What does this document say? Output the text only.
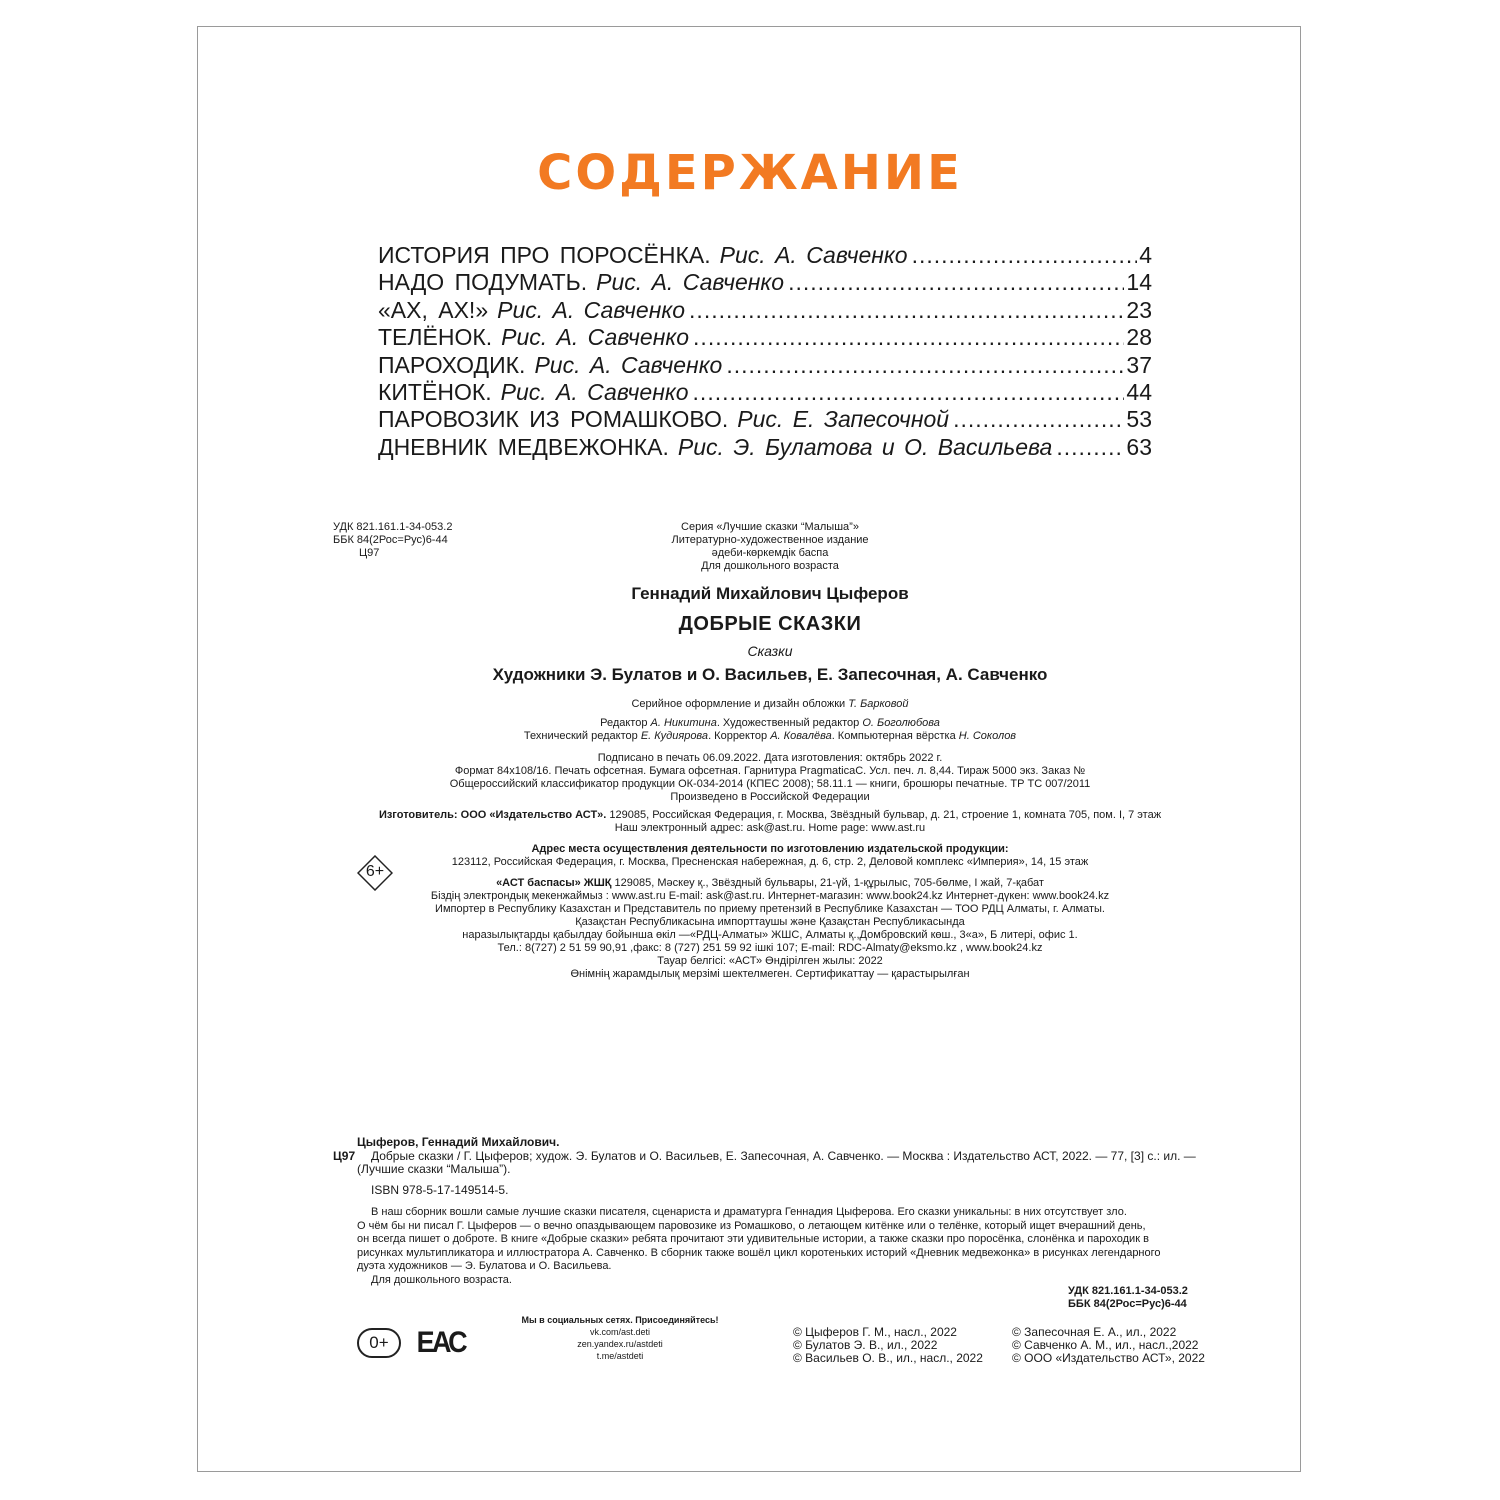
СОДЕРЖАНИЕ
ИСТОРИЯ ПРО ПОРОСЁНКА. Рис. А. Савченко .....	4
НАДО ПОДУМАТЬ. Рис. А. Савченко .....	14
«АХ, АХ!» Рис. А. Савченко .....	23
ТЕЛЁНОК. Рис. А. Савченко .....	28
ПАРОХОДИК. Рис. А. Савченко .....	37
КИТЁНОК. Рис. А. Савченко .....	44
ПАРОВОЗИК ИЗ РОМАШКОВО. Рис. Е. Запесочной .....	53
ДНЕВНИК МЕДВЕЖОНКА. Рис. Э. Булатова и О. Васильева .....	63
УДК 821.161.1-34-053.2
ББК 84(2Рос=Рус)6-44
Ц97
Серия «Лучшие сказки “Малыша”»
Литературно-художественное издание
әдеби-көркемдік баспа
Для дошкольного возраста
Геннадий Михайлович Цыферов
ДОБРЫЕ СКАЗКИ
Сказки
Художники Э. Булатов и О. Васильев, Е. Запесочная, А. Савченко
Серийное оформление и дизайн обложки Т. Барковой
Редактор А. Никитина. Художественный редактор О. Боголюбова
Технический редактор Е. Кудиярова. Корректор А. Ковалёва. Компьютерная вёрстка Н. Соколов
Подписано в печать 06.09.2022. Дата изготовления: октябрь 2022 г.
Формат 84x108/16. Печать офсетная. Бумага офсетная. Гарнитура PragmaticaC. Усл. печ. л. 8,44. Тираж 5000 экз. Заказ №
Общероссийский классификатор продукции ОК-034-2014 (КПЕС 2008); 58.11.1 — книги, брошюры печатные. ТР ТС 007/2011
Произведено в Российской Федерации
Изготовитель: ООО «Издательство АСТ». 129085, Российская Федерация, г. Москва, Звёздный бульвар, д. 21, строение 1, комната 705, пом. I, 7 этаж
Наш электронный адрес: ask@ast.ru. Home page: www.ast.ru
Адрес места осуществления деятельности по изготовлению издательской продукции:
123112, Российская Федерация, г. Москва, Пресненская набережная, д. 6, стр. 2, Деловой комплекс «Империя», 14, 15 этаж
6+
«АСТ баспасы» ЖШҚ 129085, Мәскеу қ., Звёздный бульвары, 21-үй, 1-құрылыс, 705-бөлме, I жай, 7-қабат
Біздің электрондық мекенжаймыз : www.ast.ru E-mail: ask@ast.ru. Интернет-магазин: www.book24.kz Интернет-дүкен: www.book24.kz
Импортер в Республику Казахстан и Представитель по приему претензий в Республике Казахстан — ТОО РДЦ Алматы, г. Алматы.
Қазақстан Республикасына импорттаушы және Қазақстан Республикасында
наразылықтарды қабылдау бойынша өкіл —«РДЦ-Алматы» ЖШС, Алматы қ.,Домбровский көш., 3«а», Б литері, офис 1.
Тел.: 8(727) 2 51 59 90,91 ,факс: 8 (727) 251 59 92 ішкі 107; E-mail: RDC-Almaty@eksmo.kz , www.book24.kz
Тауар белгісі: «АСТ» Өндірілген жылы: 2022
Өнімнің жарамдылық мерзімі шектелмеген. Сертификаттау — қарастырылған
Цыферов, Геннадий Михайлович.
Ц97 Добрые сказки / Г. Цыферов; худож. Э. Булатов и О. Васильев, Е. Запесочная, А. Савченко. — Москва : Издательство АСТ, 2022. — 77, [3] с.: ил. —
(Лучшие сказки “Малыша”).
ISBN 978-5-17-149514-5.
В наш сборник вошли самые лучшие сказки писателя, сценариста и драматурга Геннадия Цыферова. Его сказки уникальны: в них отсутствует зло.
О чём бы ни писал Г. Цыферов — о вечно опаздывающем паровозике из Ромашково, о летающем китёнке или о телёнке, который ищет вчерашний день,
он всегда пишет о доброте. В книге «Добрые сказки» ребята прочитают эти удивительные истории, а также сказки про поросёнка, слонёнка и пароходик в
рисунках мультипликатора и иллюстратора А. Савченко. В сборник также вошёл цикл коротеньких историй «Дневник медвежонка» в рисунках легендарного
дуэта художников — Э. Булатова и О. Васильева.
Для дошкольного возраста.
УДК 821.161.1-34-053.2
ББК 84(2Рос=Рус)6-44
Мы в социальных сетях. Присоединяйтесь!
vk.com/ast.deti
zen.yandex.ru/astdeti
t.me/astdeti
0+ ЕАС	© Цыферов Г. М., насл., 2022
© Булатов Э. В., ил., 2022
© Васильев О. В., ил., насл., 2022
© Запесочная Е. А., ил., 2022
© Савченко А. М., ил., насл.,2022
© ООО «Издательство АСТ», 2022
